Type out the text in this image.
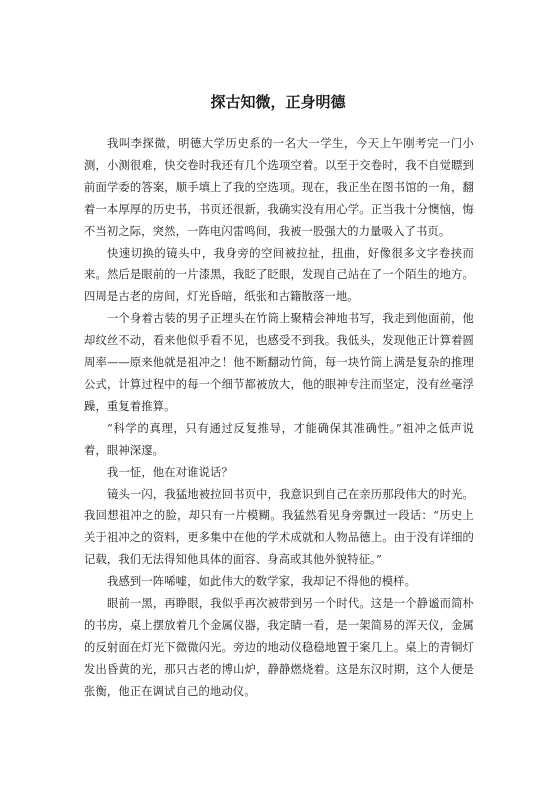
探古知微，正身明德

我叫李探微，明德大学历史系的一名大一学生，今天上午刚考完一门小测，小测很难，快交卷时我还有几个选项空着。以至于交卷时，我不自觉瞟到前面学委的答案，顺手填上了我的空选项。现在，我正坐在图书馆的一角，翻着一本厚厚的历史书，书页还很新，我确实没有用心学。正当我十分懊恼，悔不当初之际，突然，一阵电闪雷鸣间，我被一股强大的力量吸入了书页。

快速切换的镜头中，我身旁的空间被拉扯，扭曲，好像很多文字卷挟而来。然后是眼前的一片漆黑，我眨了眨眼，发现自己站在了一个陌生的地方。四周是古老的房间，灯光昏暗，纸张和古籍散落一地。

一个身着古装的男子正埋头在竹筒上聚精会神地书写，我走到他面前，他却纹丝不动，看来他似乎看不见，也感受不到我。我低头，发现他正计算着圆周率——原来他就是祖冲之！他不断翻动竹筒，每一块竹筒上满是复杂的推理公式，计算过程中的每一个细节都被放大，他的眼神专注而坚定，没有丝毫浮躁，重复着推算。

“科学的真理，只有通过反复推导，才能确保其准确性。”祖冲之低声说着，眼神深邃。

我一怔，他在对谁说话？

镜头一闪，我猛地被拉回书页中，我意识到自己在亲历那段伟大的时光。我回想祖冲之的脸，却只有一片模糊。我猛然看见身旁飘过一段话：“历史上关于祖冲之的资料，更多集中在他的学术成就和人物品德上。由于没有详细的记载，我们无法得知他具体的面容、身高或其他外貌特征。”

我感到一阵唏嘘，如此伟大的数学家，我却记不得他的模样。

眼前一黑，再睁眼，我似乎再次被带到另一个时代。这是一个静谧而简朴的书房，桌上摆放着几个金属仪器，我定睛一看，是一架简易的浑天仪，金属的反射面在灯光下微微闪光。旁边的地动仪稳稳地置于案几上。桌上的青铜灯发出昏黄的光，那只古老的博山炉，静静燃烧着。这是东汉时期，这个人便是张衡，他正在调试自己的地动仪。
